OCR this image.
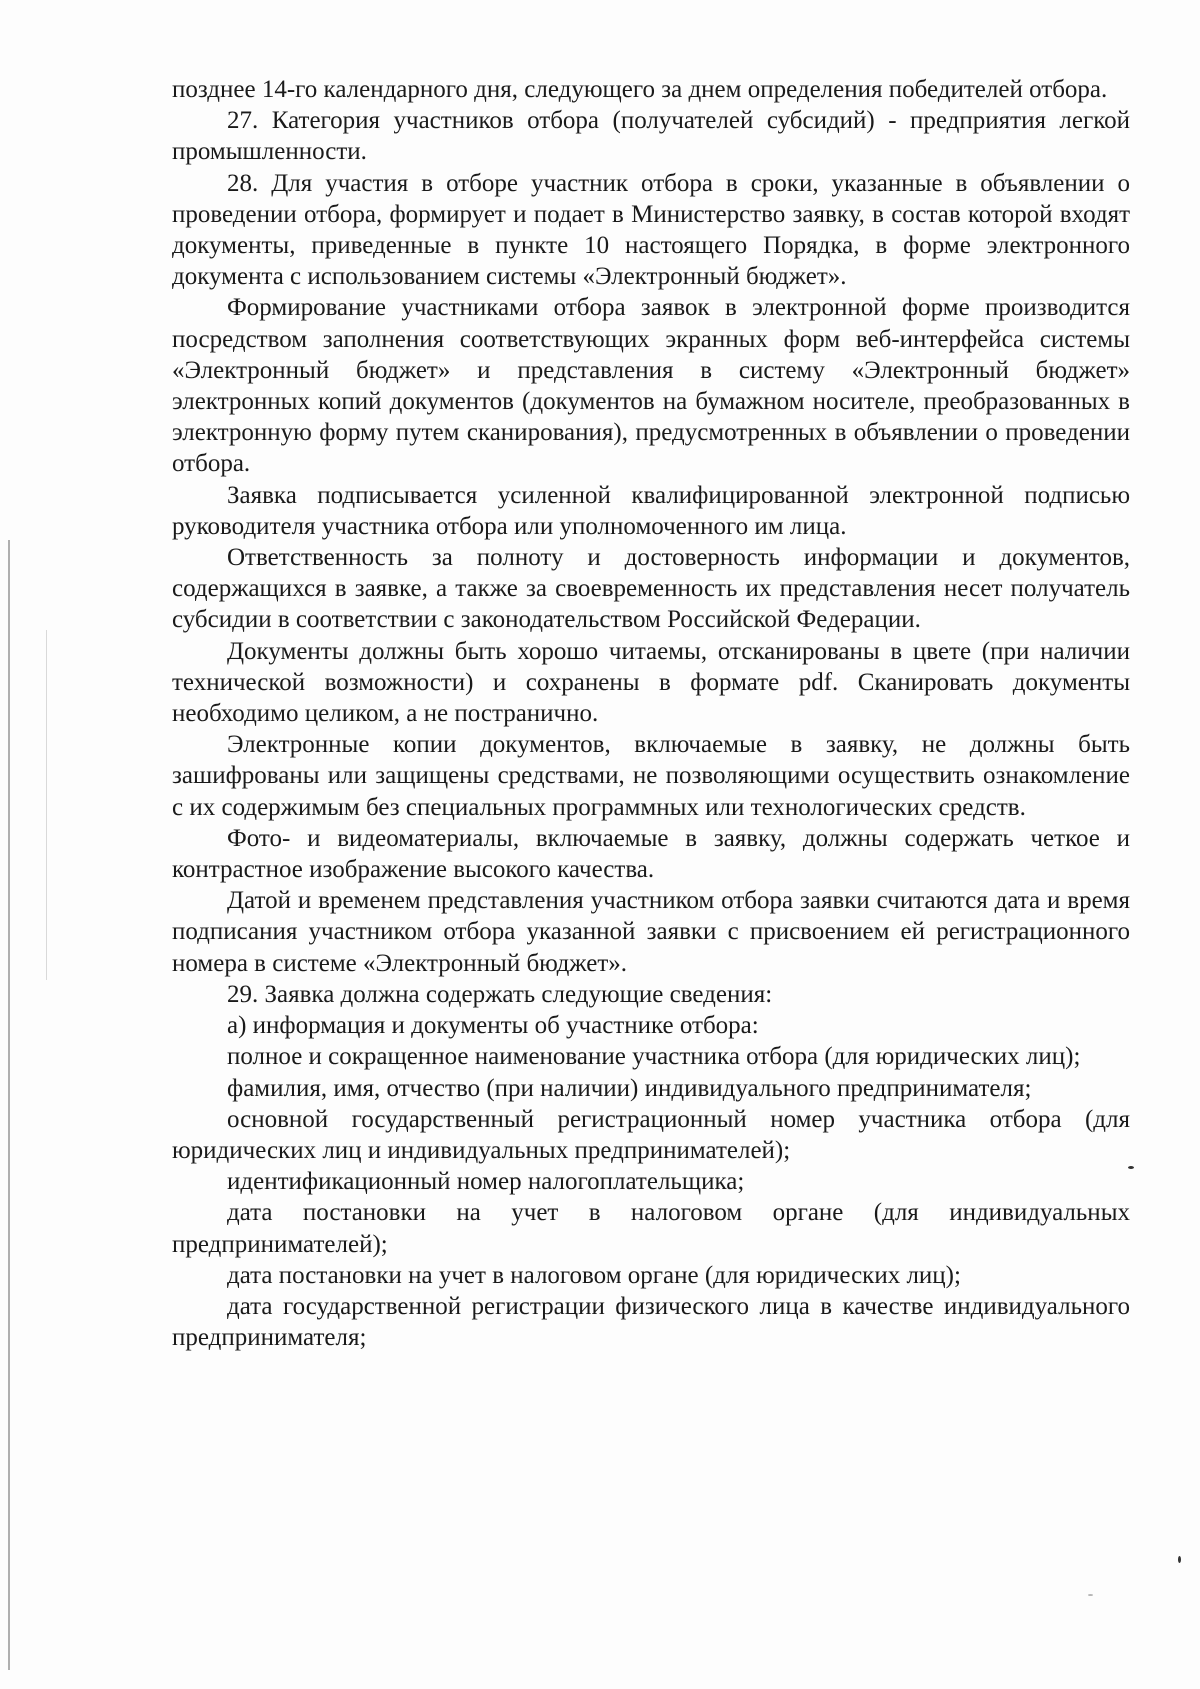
позднее 14-го календарного дня, следующего за днем определения победителей отбора.

27. Категория участников отбора (получателей субсидий) - предприятия легкой промышленности.

28. Для участия в отборе участник отбора в сроки, указанные в объявлении о проведении отбора, формирует и подает в Министерство заявку, в состав которой входят документы, приведенные в пункте 10 настоящего Порядка, в форме электронного документа с использованием системы «Электронный бюджет».

Формирование участниками отбора заявок в электронной форме производится посредством заполнения соответствующих экранных форм веб-интерфейса системы «Электронный бюджет» и представления в систему «Электронный бюджет» электронных копий документов (документов на бумажном носителе, преобразованных в электронную форму путем сканирования), предусмотренных в объявлении о проведении отбора.

Заявка подписывается усиленной квалифицированной электронной подписью руководителя участника отбора или уполномоченного им лица.

Ответственность за полноту и достоверность информации и документов, содержащихся в заявке, а также за своевременность их представления несет получатель субсидии в соответствии с законодательством Российской Федерации.

Документы должны быть хорошо читаемы, отсканированы в цвете (при наличии технической возможности) и сохранены в формате pdf. Сканировать документы необходимо целиком, а не постранично.

Электронные копии документов, включаемые в заявку, не должны быть зашифрованы или защищены средствами, не позволяющими осуществить ознакомление с их содержимым без специальных программных или технологических средств.

Фото- и видеоматериалы, включаемые в заявку, должны содержать четкое и контрастное изображение высокого качества.

Датой и временем представления участником отбора заявки считаются дата и время подписания участником отбора указанной заявки с присвоением ей регистрационного номера в системе «Электронный бюджет».

29. Заявка должна содержать следующие сведения:

а) информация и документы об участнике отбора:

полное и сокращенное наименование участника отбора (для юридических лиц);

фамилия, имя, отчество (при наличии) индивидуального предпринимателя;

основной государственный регистрационный номер участника отбора (для юридических лиц и индивидуальных предпринимателей);

идентификационный номер налогоплательщика;

дата постановки на учет в налоговом органе (для индивидуальных предпринимателей);

дата постановки на учет в налоговом органе (для юридических лиц);

дата государственной регистрации физического лица в качестве индивидуального предпринимателя;
